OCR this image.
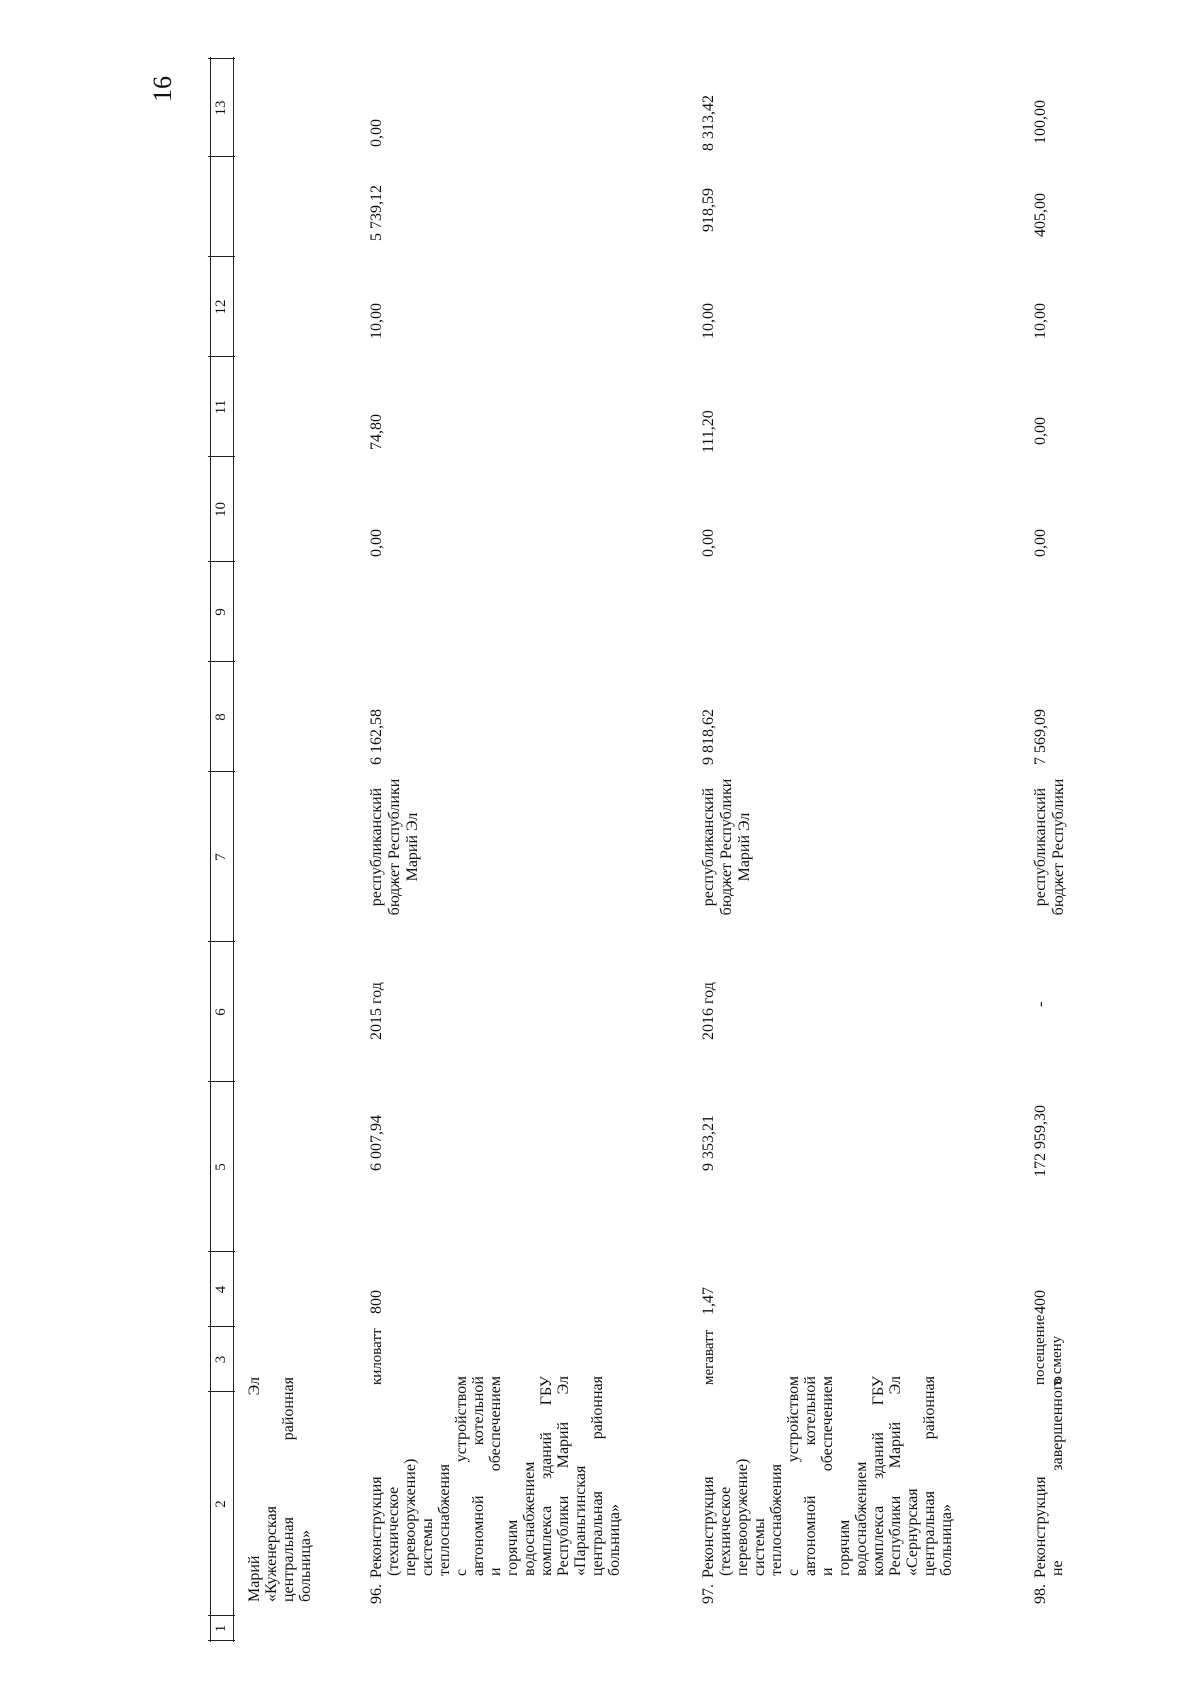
16
1
2
3
4
5
6
7
8
9
10
11
12
13
Марий Эл «Куженерская центральная районная больница»	96.Реконструкция (техническое перевооружение) системы теплоснабжения с устройством автономной котельной и обеспечением горячим водоснабжением комплекса зданий ГБУ Республики Марий Эл «Параньгинская центральная районная больница»
киловатт
800
6 007,94
2015 год
республиканский бюджет Республики Марий Эл
6 162,58
0,00
74,80
10,00
5 739,12
0,00
97.Реконструкция (техническое перевооружение) системы теплоснабжения с устройством автономной котельной и обеспечением горячим водоснабжением комплекса зданий ГБУ Республики Марий Эл «Сернурская центральная районная больница»
мегаватт
1,47
9 353,21
2016 год
республиканский бюджет Республики Марий Эл
9 818,62
0,00
111,20
10,00
918,59
8 313,42
98.Реконструкция не завершенного
посещение в смену
400
172 959,30
-
республиканский бюджет Республики
7 569,09
0,00
0,00
10,00
405,00
100,00
